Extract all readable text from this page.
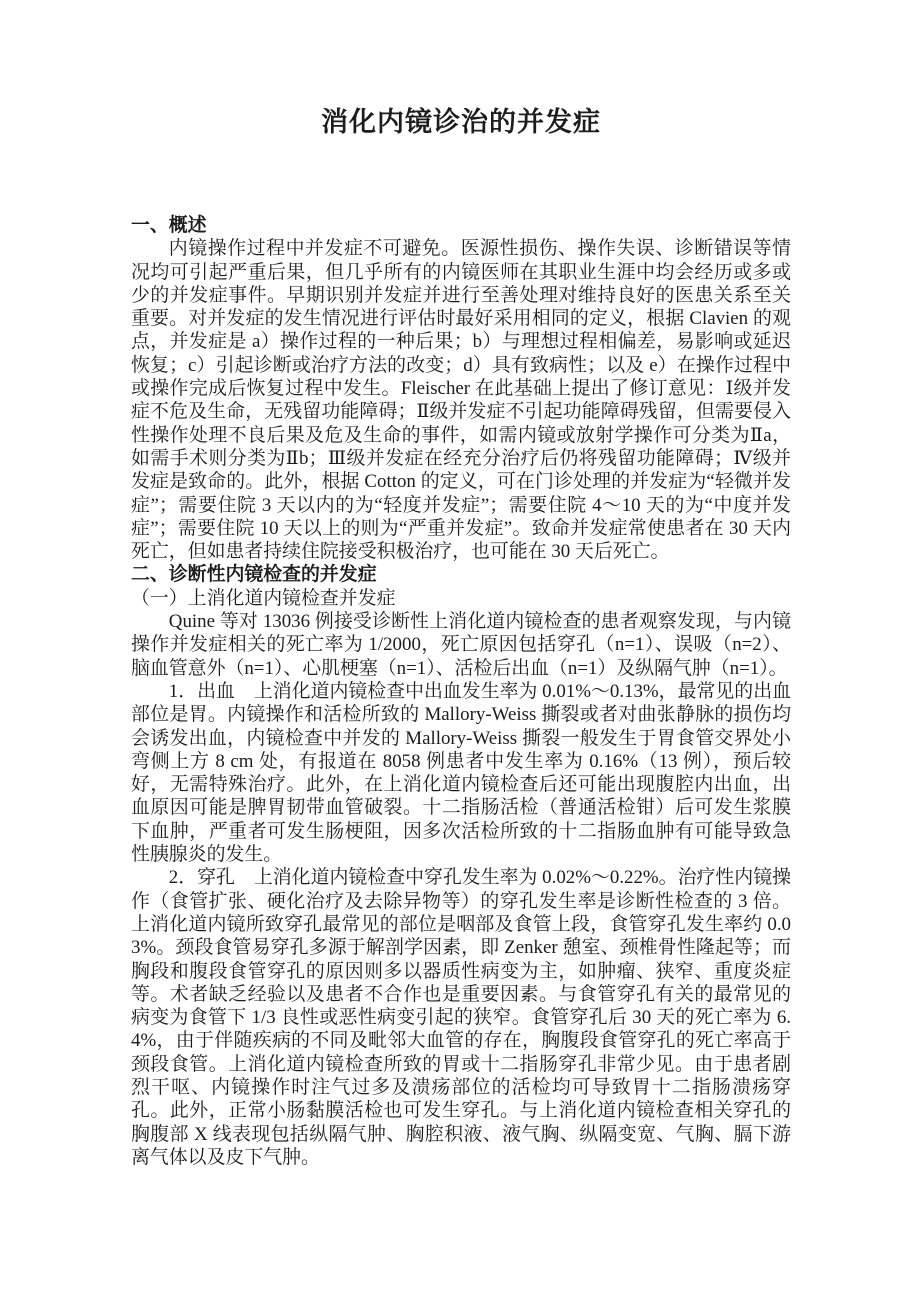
消化内镜诊治的并发症
一、概述

内镜操作过程中并发症不可避免。医源性损伤、操作失误、诊断错误等情况均可引起严重后果，但几乎所有的内镜医师在其职业生涯中均会经历或多或少的并发症事件。早期识别并发症并进行至善处理对维持良好的医患关系至关重要。对并发症的发生情况进行评估时最好采用相同的定义，根据 Clavien 的观点，并发症是 a）操作过程的一种后果；b）与理想过程相偏差，易影响或延迟恢复；c）引起诊断或治疗方法的改变；d）具有致病性；以及 e）在操作过程中或操作完成后恢复过程中发生。Fleischer 在此基础上提出了修订意见：Ⅰ级并发症不危及生命，无残留功能障碍；Ⅱ级并发症不引起功能障碍残留，但需要侵入性操作处理不良后果及危及生命的事件，如需内镜或放射学操作可分类为Ⅱa，如需手术则分类为Ⅱb；Ⅲ级并发症在经充分治疗后仍将残留功能障碍；Ⅳ级并发症是致命的。此外，根据 Cotton 的定义，可在门诊处理的并发症为“轻微并发症”；需要住院 3 天以内的为“轻度并发症”；需要住院 4～10 天的为“中度并发症”；需要住院 10 天以上的则为“严重并发症”。致命并发症常使患者在 30 天内死亡，但如患者持续住院接受积极治疗，也可能在 30 天后死亡。

二、诊断性内镜检查的并发症
（一）上消化道内镜检查并发症

Quine 等对 13036 例接受诊断性上消化道内镜检查的患者观察发现，与内镜操作并发症相关的死亡率为 1/2000，死亡原因包括穿孔（n=1）、误吸（n=2）、脑血管意外（n=1）、心肌梗塞（n=1）、活检后出血（n=1）及纵隔气肿（n=1）。

1．出血　上消化道内镜检查中出血发生率为 0.01%～0.13%，最常见的出血部位是胃。内镜操作和活检所致的 Mallory-Weiss 撕裂或者对曲张静脉的损伤均会诱发出血，内镜检查中并发的 Mallory-Weiss 撕裂一般发生于胃食管交界处小弯侧上方 8 cm 处，有报道在 8058 例患者中发生率为 0.16%（13 例），预后较好，无需特殊治疗。此外，在上消化道内镜检查后还可能出现腹腔内出血，出血原因可能是脾胃韧带血管破裂。十二指肠活检（普通活检钳）后可发生浆膜下血肿，严重者可发生肠梗阻，因多次活检所致的十二指肠血肿有可能导致急性胰腺炎的发生。

2．穿孔　上消化道内镜检查中穿孔发生率为 0.02%～0.22%。治疗性内镜操作（食管扩张、硬化治疗及去除异物等）的穿孔发生率是诊断性检查的 3 倍。上消化道内镜所致穿孔最常见的部位是咽部及食管上段，食管穿孔发生率约 0.03%。颈段食管易穿孔多源于解剖学因素，即 Zenker 憩室、颈椎骨性隆起等；而胸段和腹段食管穿孔的原因则多以器质性病变为主，如肿瘤、狭窄、重度炎症等。术者缺乏经验以及患者不合作也是重要因素。与食管穿孔有关的最常见的病变为食管下 1/3 良性或恶性病变引起的狭窄。食管穿孔后 30 天的死亡率为 6.4%，由于伴随疾病的不同及毗邻大血管的存在，胸腹段食管穿孔的死亡率高于颈段食管。上消化道内镜检查所致的胃或十二指肠穿孔非常少见。由于患者剧烈干呕、内镜操作时注气过多及溃疡部位的活检均可导致胃十二指肠溃疡穿孔。此外，正常小肠黏膜活检也可发生穿孔。与上消化道内镜检查相关穿孔的胸腹部 X 线表现包括纵隔气肿、胸腔积液、液气胸、纵隔变宽、气胸、膈下游离气体以及皮下气肿。
